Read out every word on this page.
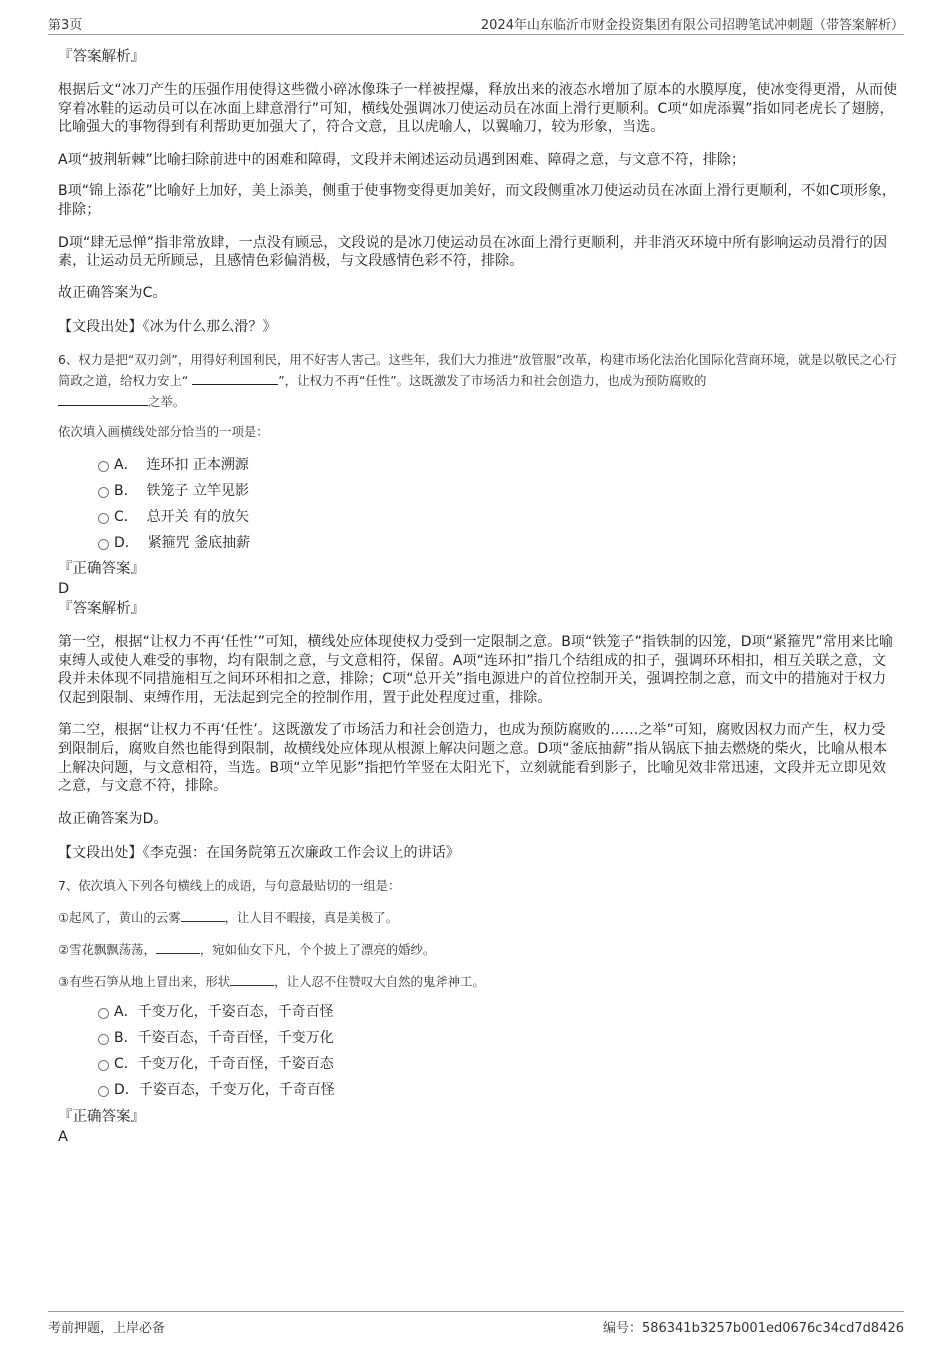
第3页	2024年山东临沂市财金投资集团有限公司招聘笔试冲刺题（带答案解析）

『答案解析』

根据后文“冰刀产生的压强作用使得这些微小碎冰像珠子一样被捏爆，释放出来的液态水增加了原本的水膜厚度，使冰变得更滑，从而使穿着冰鞋的运动员可以在冰面上肆意滑行”可知，横线处强调冰刀使运动员在冰面上滑行更顺利。C项“如虎添翼”指如同老虎长了翅膀，比喻强大的事物得到有利帮助更加强大了，符合文意，且以虎喻人，以翼喻刀，较为形象，当选。

A项“披荆斩棘”比喻扫除前进中的困难和障碍，文段并未阐述运动员遇到困难、障碍之意，与文意不符，排除；

B项“锦上添花”比喻好上加好，美上添美，侧重于使事物变得更加美好，而文段侧重冰刀使运动员在冰面上滑行更顺利，不如C项形象，排除；

D项“肆无忌惮”指非常放肆，一点没有顾忌，文段说的是冰刀使运动员在冰面上滑行更顺利，并非消灭环境中所有影响运动员滑行的因素，让运动员无所顾忌，且感情色彩偏消极，与文段感情色彩不符，排除。

故正确答案为C。

【文段出处】《冰为什么那么滑？》

6、权力是把“双刃剑”，用得好利国利民，用不好害人害己。这些年，我们大力推进“放管服”改革，构建市场化法治化国际化营商环境，就是以敬民之心行简政之道，给权力安上“	”，让权力不再“任性”。这既激发了市场活力和社会创造力，也成为预防腐败的
之举。

依次填入画横线处部分恰当的一项是：

A． 连环扣 正本溯源
B． 铁笼子 立竿见影
C． 总开关 有的放矢
D． 紧箍咒 釜底抽薪

『正确答案』

D

『答案解析』

第一空，根据“让权力不再‘任性’”可知，横线处应体现使权力受到一定限制之意。B项“铁笼子”指铁制的囚笼，D项“紧箍咒”常用来比喻束缚人或使人难受的事物，均有限制之意，与文意相符，保留。A项“连环扣”指几个结组成的扣子，强调环环相扣，相互关联之意，文段并未体现不同措施相互之间环环相扣之意，排除；C项“总开关”指电源进户的首位控制开关，强调控制之意，而文中的措施对于权力仅起到限制、束缚作用，无法起到完全的控制作用，置于此处程度过重，排除。

第二空，根据“让权力不再‘任性’。这既激发了市场活力和社会创造力，也成为预防腐败的……之举”可知，腐败因权力而产生，权力受到限制后，腐败自然也能得到限制，故横线处应体现从根源上解决问题之意。D项“釜底抽薪”指从锅底下抽去燃烧的柴火，比喻从根本上解决问题，与文意相符，当选。B项“立竿见影”指把竹竿竖在太阳光下，立刻就能看到影子，比喻见效非常迅速，文段并无立即见效之意，与文意不符，排除。

故正确答案为D。

【文段出处】《李克强：在国务院第五次廉政工作会议上的讲话》

7、依次填入下列各句横线上的成语，与句意最贴切的一组是：

①起风了，黄山的云雾	，让人目不暇接，真是美极了。

②雪花飘飘荡荡，	，宛如仙女下凡，个个披上了漂亮的婚纱。

③有些石笋从地上冒出来，形状	，让人忍不住赞叹大自然的鬼斧神工。

A．千变万化，千姿百态，千奇百怪
B．千姿百态，千奇百怪，千变万化
C．千变万化，千奇百怪，千姿百态
D．千姿百态，千变万化，千奇百怪

『正确答案』

A

考前押题，上岸必备	编号：586341b3257b001ed0676c34cd7d8426
